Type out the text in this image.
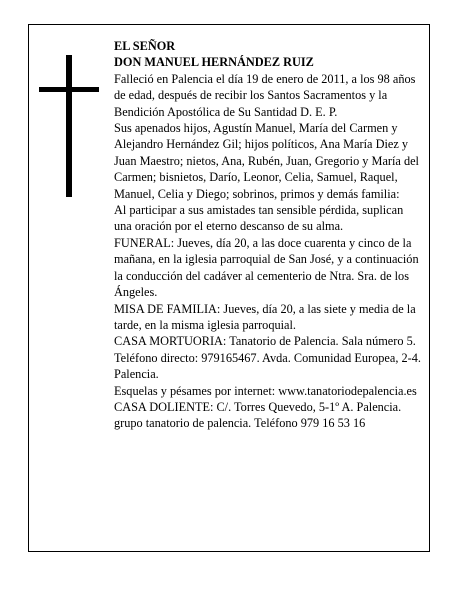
EL SEÑOR

DON MANUEL HERNÁNDEZ RUIZ

Falleció en Palencia el día 19 de enero de 2011, a los 98 años de edad, después de recibir los Santos Sacramentos y la Bendición Apostólica de Su Santidad D. E. P.

Sus apenados hijos, Agustín Manuel, María del Carmen y Alejandro Hernández Gil; hijos políticos, Ana María Diez y Juan Maestro; nietos, Ana, Rubén, Juan, Gregorio y María del Carmen; bisnietos, Darío, Leonor, Celia, Samuel, Raquel, Manuel, Celia y Diego; sobrinos, primos y demás familia:

Al participar a sus amistades tan sensible pérdida, suplican una oración por el eterno descanso de su alma.

FUNERAL: Jueves, día 20, a las doce cuarenta y cinco de la mañana, en la iglesia parroquial de San José, y a continuación la conducción del cadáver al cementerio de Ntra. Sra. de los Ángeles.

MISA DE FAMILIA: Jueves, día 20, a las siete y media de la tarde, en la misma iglesia parroquial.

CASA MORTUORIA: Tanatorio de Palencia. Sala número 5. Teléfono directo: 979165467. Avda. Comunidad Europea, 2-4. Palencia.

Esquelas y pésames por internet: www.tanatoriodepalencia.es

CASA DOLIENTE: C/. Torres Quevedo, 5-1º A. Palencia.

grupo tanatorio de palencia. Teléfono 979 16 53 16
